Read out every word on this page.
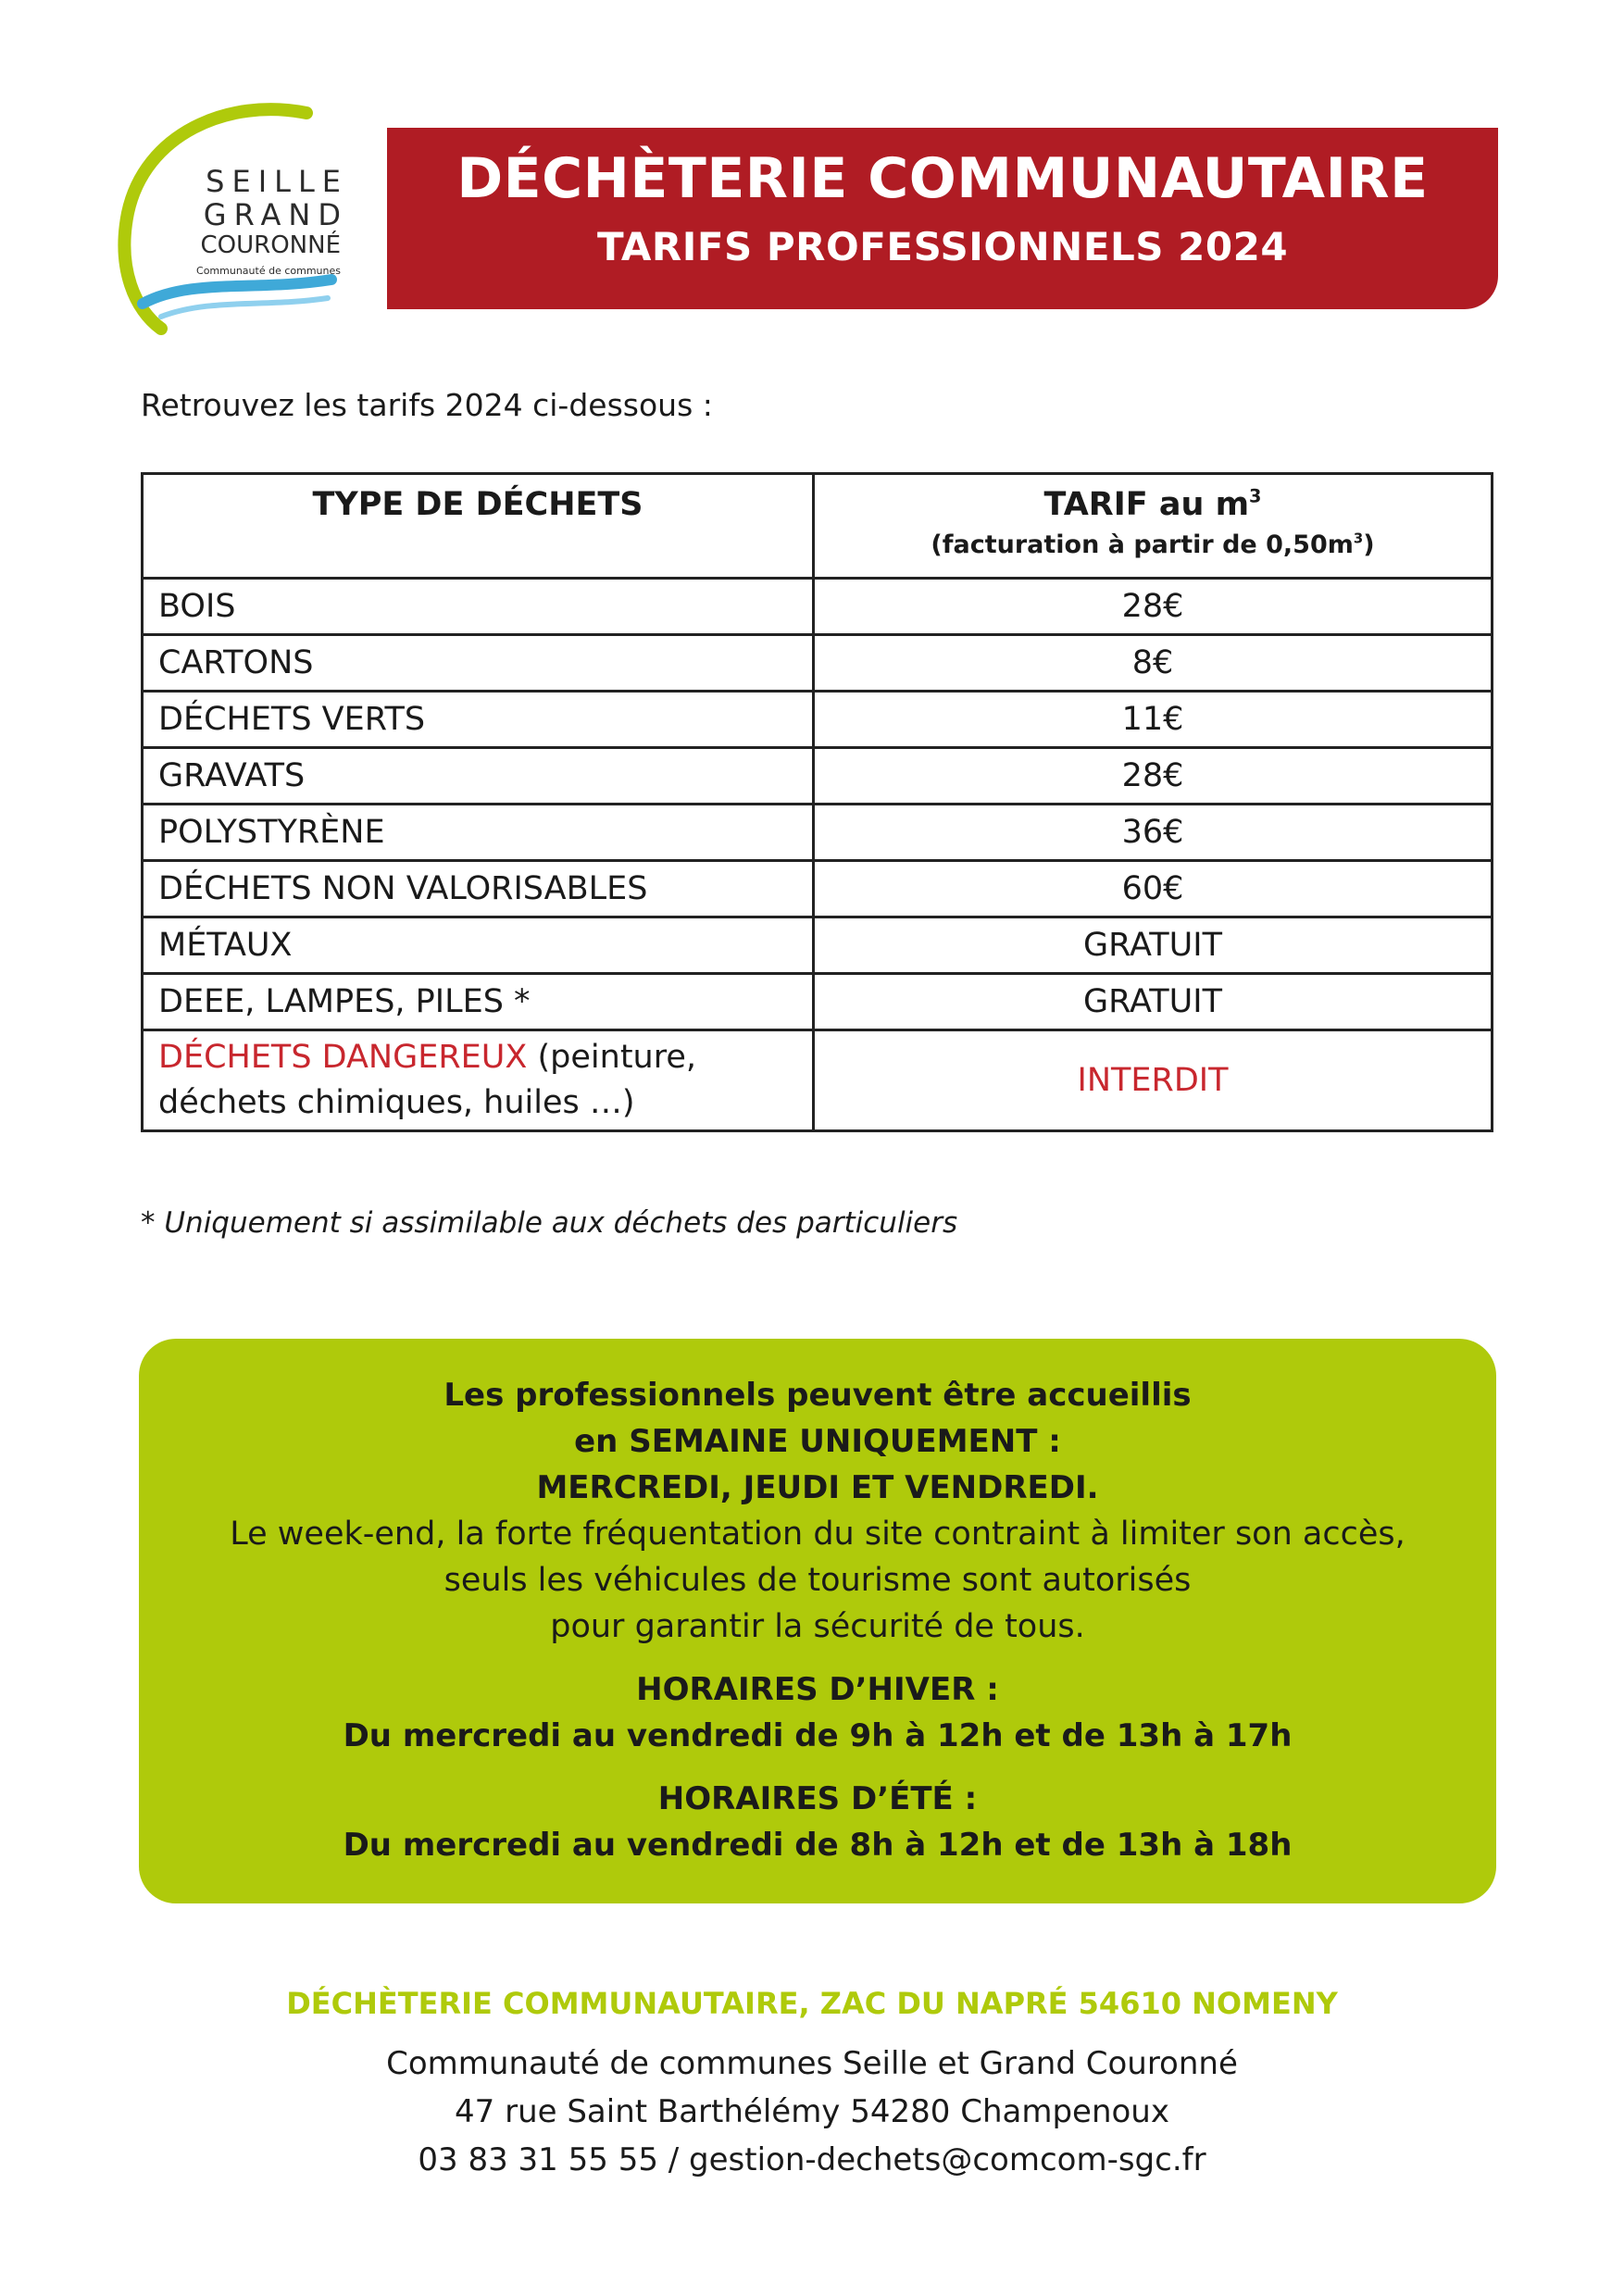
SEILLE
GRAND
COURONNÉ
Communauté de communes
DÉCHÈTERIE COMMUNAUTAIRE
TARIFS PROFESSIONNELS 2024
Retrouvez les tarifs 2024 ci-dessous :
TYPE DE DÉCHETS	TARIF au $m^3$
(facturation à partir de $0,50m^3$)

BOIS	28€
CARTONS	8€
DÉCHETS VERTS	11€
GRAVATS	28€
POLYSTYRÈNE	36€
DÉCHETS NON VALORISABLES	60€
MÉTAUX	GRATUIT
DEEE, LAMPES, PILES *	GRATUIT
DÉCHETS DANGEREUX (peinture,
déchets chimiques, huiles …)	INTERDIT
* Uniquement si assimilable aux déchets des particuliers
Les professionnels peuvent être accueillis
en SEMAINE UNIQUEMENT :
MERCREDI, JEUDI ET VENDREDI.
Le week-end, la forte fréquentation du site contraint à limiter son accès,
seuls les véhicules de tourisme sont autorisés
pour garantir la sécurité de tous.
HORAIRES D’HIVER :
Du mercredi au vendredi de 9h à 12h et de 13h à 17h
HORAIRES D’ÉTÉ :
Du mercredi au vendredi de 8h à 12h et de 13h à 18h
DÉCHÈTERIE COMMUNAUTAIRE, ZAC DU NAPRÉ 54610 NOMENY
Communauté de communes Seille et Grand Couronné
47 rue Saint Barthélémy 54280 Champenoux
03 83 31 55 55 / gestion-dechets@comcom-sgc.fr
